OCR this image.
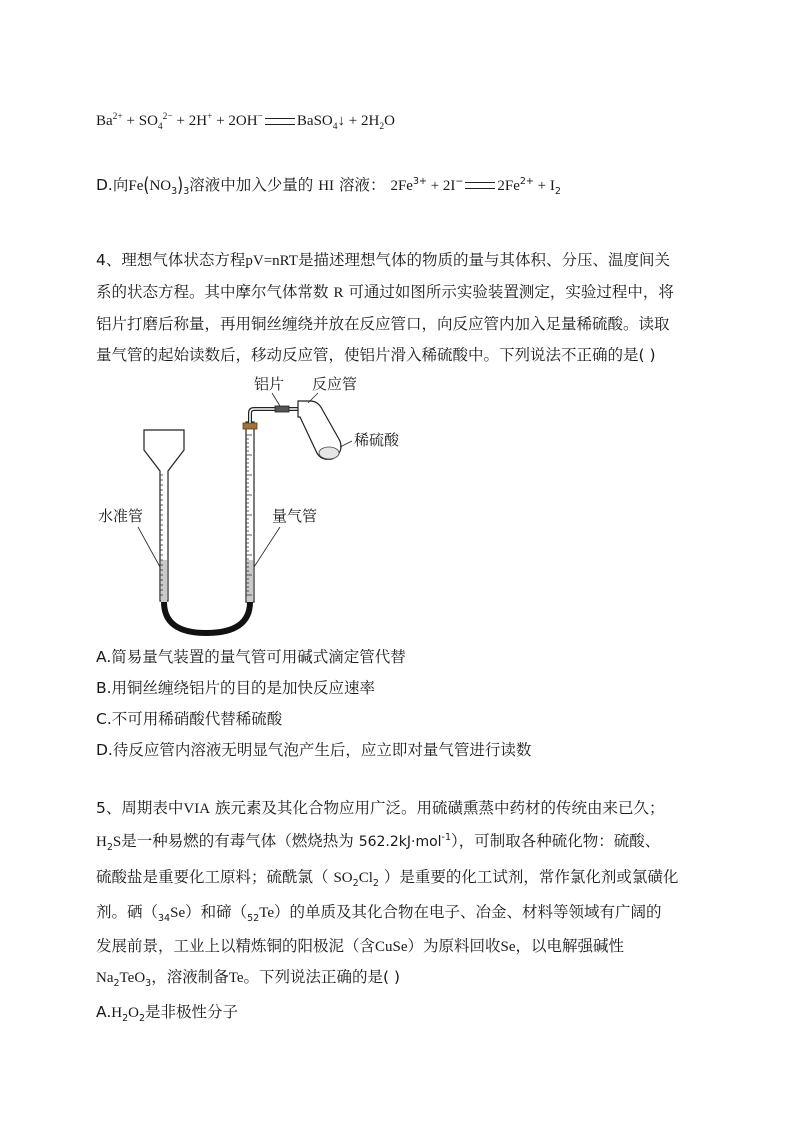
$Ba^{2+} + SO_4^{2-} + 2H^+ + 2OH^-$ BaSO$_4$↓ + $2H_2O$
D.向$Fe(NO_3)_3$溶液中加入少量的 HI 溶液： $2Fe^{3+} + 2I^-$ $2Fe^{2+} + I_2$
4、理想气体状态方程pV=nRT是描述理想气体的物质的量与其体积、分压、温度间关
系的状态方程。其中摩尔气体常数 R 可通过如图所示实验装置测定，实验过程中，将
铝片打磨后称量，再用铜丝缠绕并放在反应管口，向反应管内加入足量稀硫酸。读取
量气管的起始读数后，移动反应管，使铝片滑入稀硫酸中。下列说法不正确的是( )
铝片 反应管
稀硫酸
水准管	量气管
A.简易量气装置的量气管可用碱式滴定管代替
B.用铜丝缠绕铝片的目的是加快反应速率
C.不可用稀硝酸代替稀硫酸
D.待反应管内溶液无明显气泡产生后，应立即对量气管进行读数
5、周期表中VIA 族元素及其化合物应用广泛。用硫磺熏蒸中药材的传统由来已久；
$H_2S$是一种易燃的有毒气体（燃烧热为 562.2kJ·mol$^{-1}$），可制取各种硫化物：硫酸、
硫酸盐是重要化工原料；硫酰氯（ $SO_2Cl_2$ ）是重要的化工试剂，常作氯化剂或氯磺化
剂。硒$(_{34}Se)$和碲$(_{52}Te)$的单质及其化合物在电子、冶金、材料等领域有广阔的
发展前景，工业上以精炼铜的阳极泥（含CuSe）为原料回收Se，以电解强碱性
$Na_2TeO_3$，溶液制备Te。下列说法正确的是( )
$A.H_2O_2$是非极性分子
